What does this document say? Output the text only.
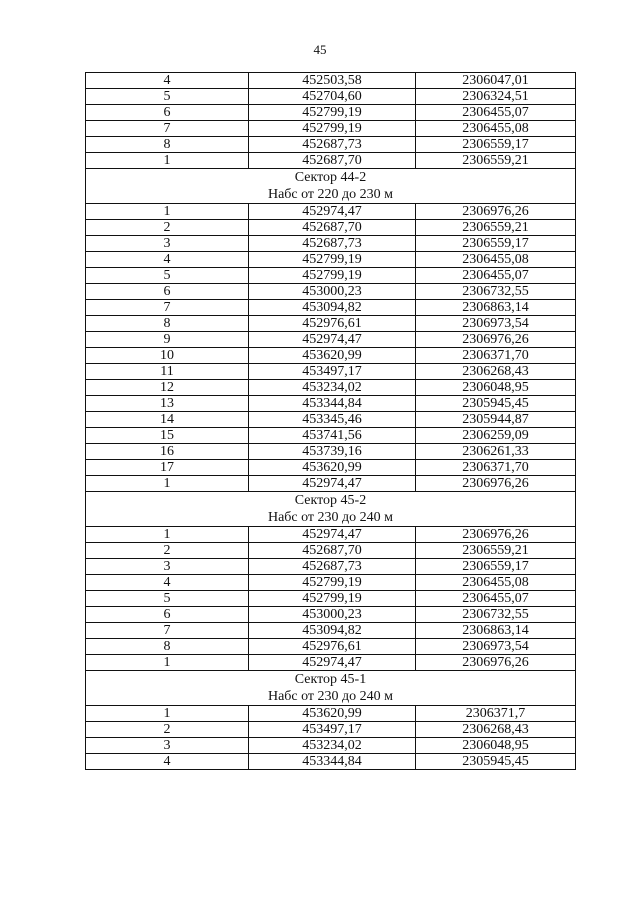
45
4	452503,58	2306047,01
5	452704,60	2306324,51
6	452799,19	2306455,07
7	452799,19	2306455,08
8	452687,73	2306559,17
1	452687,70	2306559,21
Сектор 44-2		
Набс от 220 до 230 м		
1	452974,47	2306976,26
2	452687,70	2306559,21
3	452687,73	2306559,17
4	452799,19	2306455,08
5	452799,19	2306455,07
6	453000,23	2306732,55
7	453094,82	2306863,14
8	452976,61	2306973,54
9	452974,47	2306976,26
10	453620,99	2306371,70
11	453497,17	2306268,43
12	453234,02	2306048,95
13	453344,84	2305945,45
14	453345,46	2305944,87
15	453741,56	2306259,09
16	453739,16	2306261,33
17	453620,99	2306371,70
1	452974,47	2306976,26
Сектор 45-2		
Набс от 230 до 240 м		
1	452974,47	2306976,26
2	452687,70	2306559,21
3	452687,73	2306559,17
4	452799,19	2306455,08
5	452799,19	2306455,07
6	453000,23	2306732,55
7	453094,82	2306863,14
8	452976,61	2306973,54
1	452974,47	2306976,26
Сектор 45-1		
Набс от 230 до 240 м		
1	453620,99	2306371,7
2	453497,17	2306268,43
3	453234,02	2306048,95
4	453344,84	2305945,45
